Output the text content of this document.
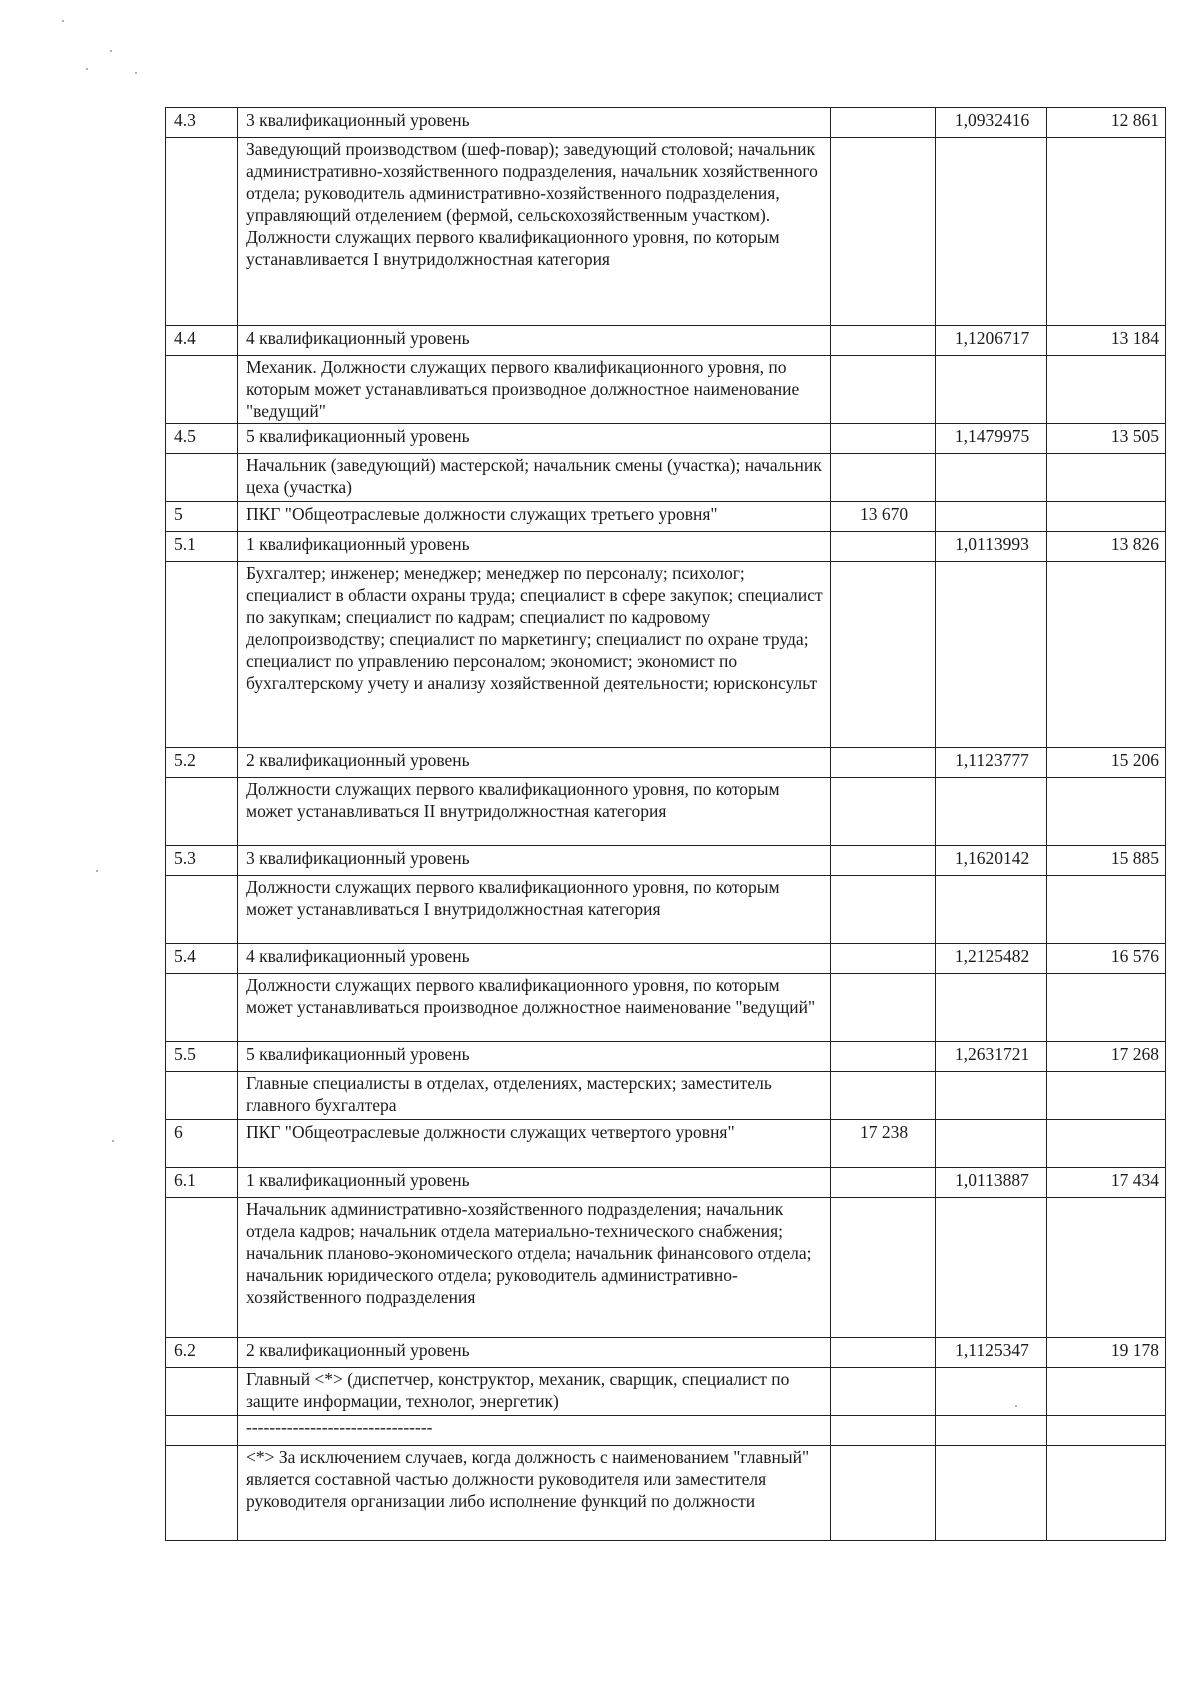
4.3	3 квалификационный уровень		1,0932416	12 861
	Заведующий производством (шеф-повар); заведующий столовой; начальник административно-хозяйственного подразделения, начальник хозяйственного отдела; руководитель административно-хозяйственного подразделения, управляющий отделением (фермой, сельскохозяйственным участком). Должности служащих первого квалификационного уровня, по которым устанавливается I внутридолжностная категория			
4.4	4 квалификационный уровень		1,1206717	13 184
	Механик. Должности служащих первого квалификационного уровня, по которым может устанавливаться производное должностное наименование "ведущий"			
4.5	5 квалификационный уровень		1,1479975	13 505
	Начальник (заведующий) мастерской; начальник смены (участка); начальник цеха (участка)			
5	ПКГ "Общеотраслевые должности служащих третьего уровня"	13 670		
5.1	1 квалификационный уровень		1,0113993	13 826
	Бухгалтер; инженер; менеджер; менеджер по персоналу; психолог; специалист в области охраны труда; специалист в сфере закупок; специалист по закупкам; специалист по кадрам; специалист по кадровому делопроизводству; специалист по маркетингу; специалист по охране труда; специалист по управлению персоналом; экономист; экономист по бухгалтерскому учету и анализу хозяйственной деятельности; юрисконсульт			
5.2	2 квалификационный уровень		1,1123777	15 206
	Должности служащих первого квалификационного уровня, по которым может устанавливаться II внутридолжностная категория			
5.3	3 квалификационный уровень		1,1620142	15 885
	Должности служащих первого квалификационного уровня, по которым может устанавливаться I внутридолжностная категория			
5.4	4 квалификационный уровень		1,2125482	16 576
	Должности служащих первого квалификационного уровня, по которым может устанавливаться производное должностное наименование "ведущий"			
5.5	5 квалификационный уровень		1,2631721	17 268
	Главные специалисты в отделах, отделениях, мастерских; заместитель главного бухгалтера			
6	ПКГ "Общеотраслевые должности служащих четвертого уровня"	17 238		
6.1	1 квалификационный уровень		1,0113887	17 434
	Начальник административно-хозяйственного подразделения; начальник отдела кадров; начальник отдела материально-технического снабжения; начальник планово-экономического отдела; начальник финансового отдела; начальник юридического отдела; руководитель административно-хозяйственного подразделения			
6.2	2 квалификационный уровень		1,1125347	19 178
	Главный <*> (диспетчер, конструктор, механик, сварщик, специалист по защите информации, технолог, энергетик)			
	--------------------------------			
	<*> За исключением случаев, когда должность с наименованием "главный" является составной частью должности руководителя или заместителя руководителя организации либо исполнение функций по должности			
